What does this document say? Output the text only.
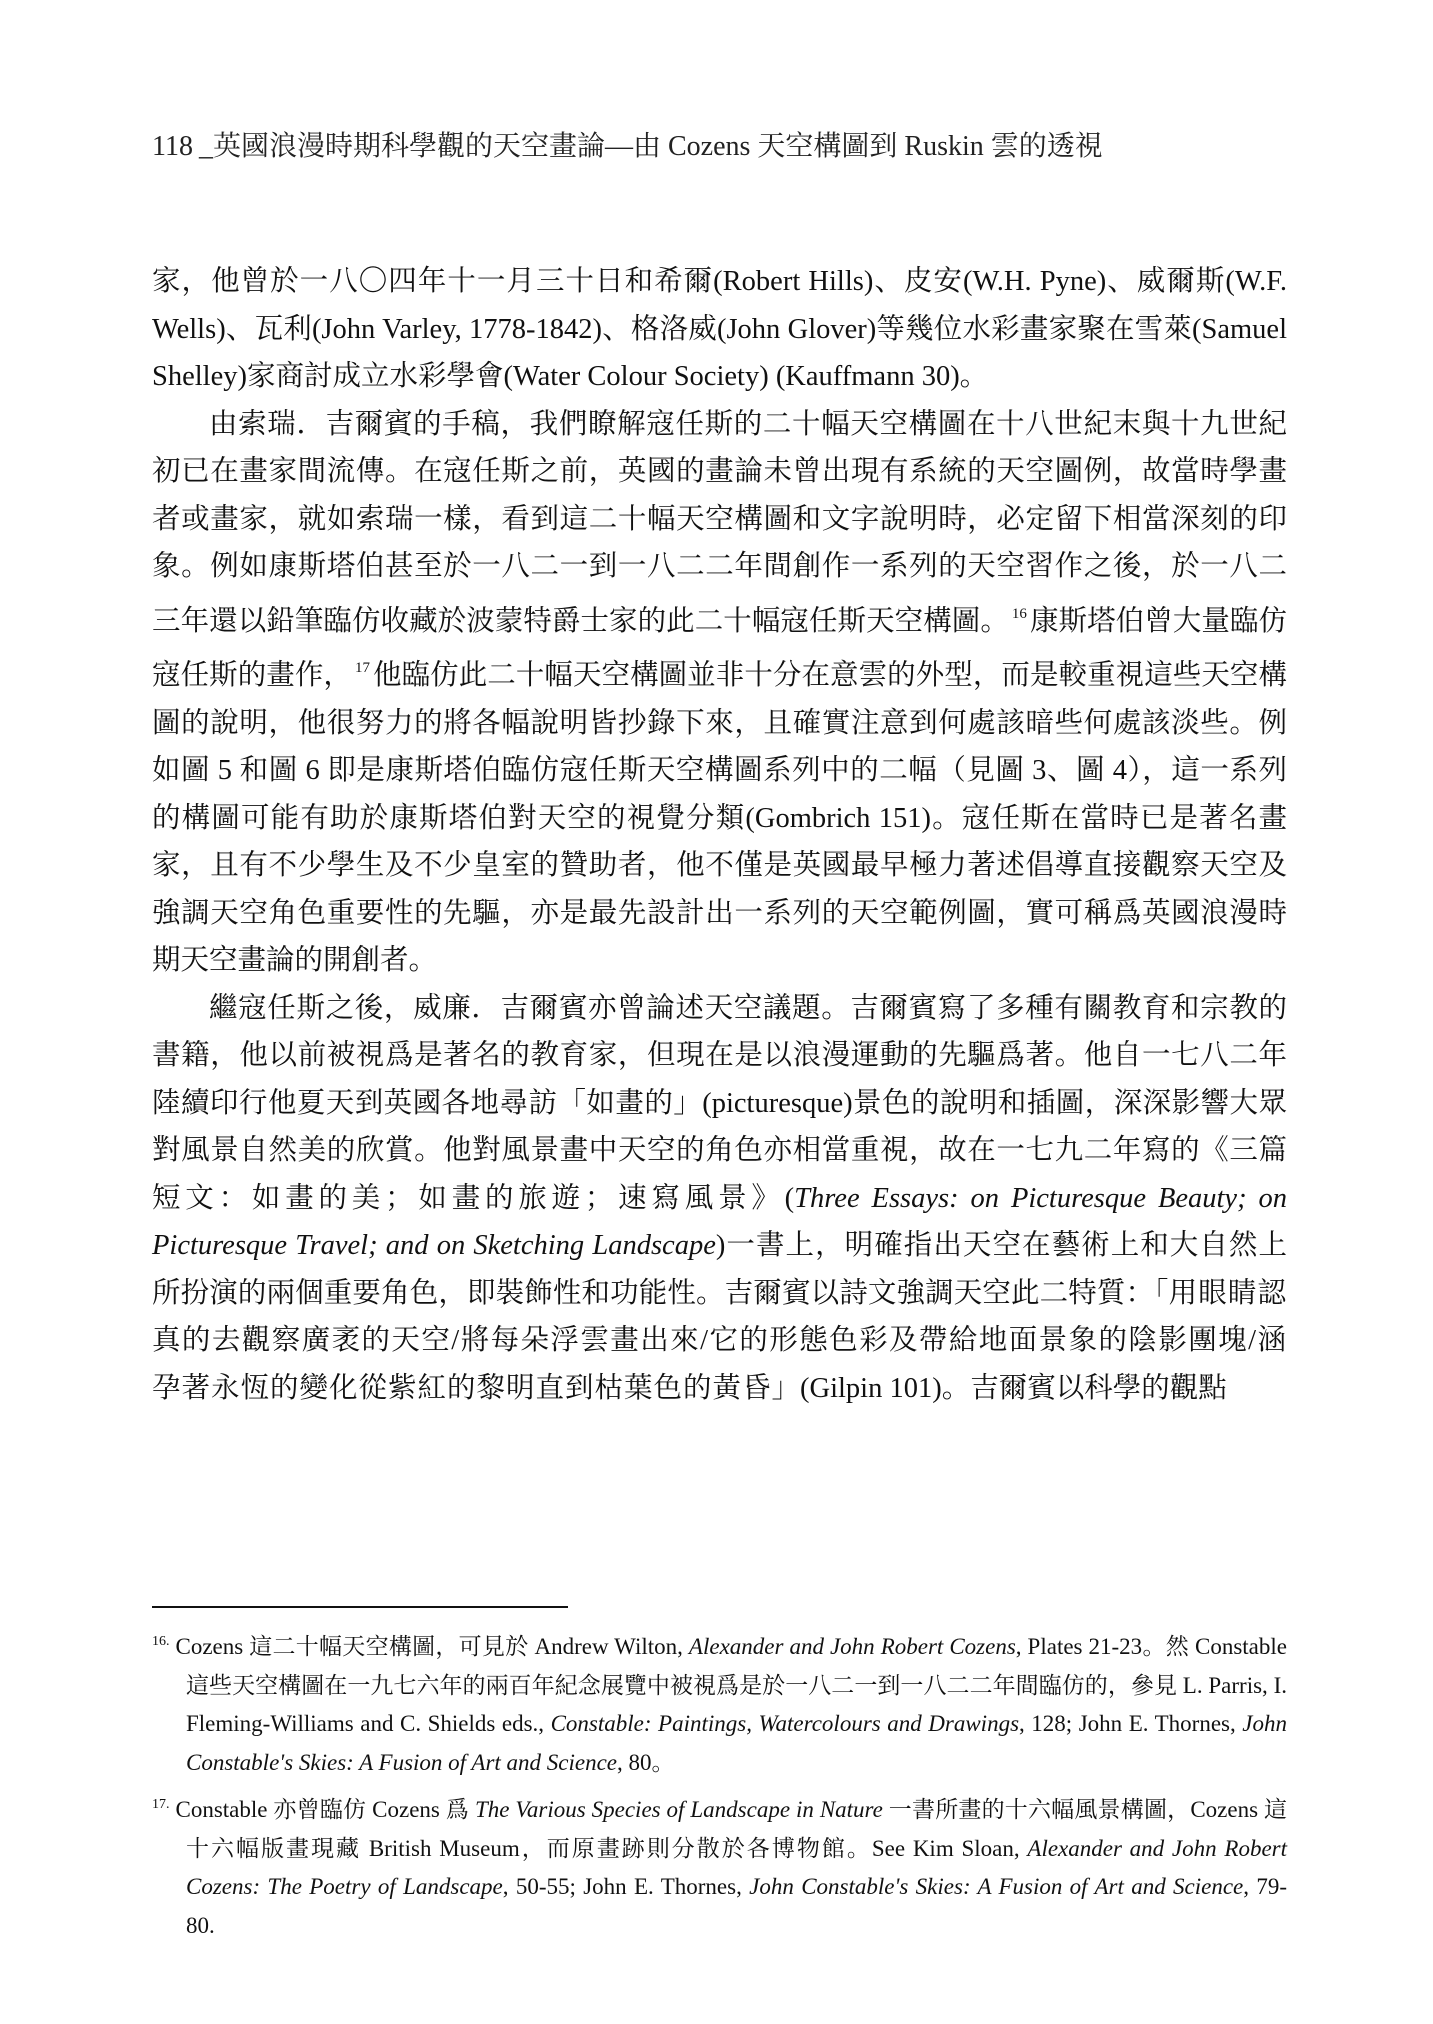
118 _英國浪漫時期科學觀的天空畫論—由 Cozens 天空構圖到 Ruskin 雲的透視

家，他曾於一八〇四年十一月三十日和希爾(Robert Hills)、皮安(W.H. Pyne)、威爾斯(W.F. Wells)、瓦利(John Varley, 1778-1842)、格洛威(John Glover)等幾位水彩畫家聚在雪萊(Samuel Shelley)家商討成立水彩學會(Water Colour Society) (Kauffmann 30)。

由索瑞．吉爾賓的手稿，我們瞭解寇任斯的二十幅天空構圖在十八世紀末與十九世紀初已在畫家間流傳。在寇任斯之前，英國的畫論未曾出現有系統的天空圖例，故當時學畫者或畫家，就如索瑞一樣，看到這二十幅天空構圖和文字說明時，必定留下相當深刻的印象。例如康斯塔伯甚至於一八二一到一八二二年間創作一系列的天空習作之後，於一八二三年還以鉛筆臨仿收藏於波蒙特爵士家的此二十幅寇任斯天空構圖。 $^{16}$ 康斯塔伯曾大量臨仿寇任斯的畫作， $^{17}$ 他臨仿此二十幅天空構圖並非十分在意雲的外型，而是較重視這些天空構圖的說明，他很努力的將各幅說明皆抄錄下來，且確實注意到何處該暗些何處該淡些。例如圖 5 和圖 6 即是康斯塔伯臨仿寇任斯天空構圖系列中的二幅（見圖 3、圖 4），這一系列的構圖可能有助於康斯塔伯對天空的視覺分類(Gombrich 151)。寇任斯在當時已是著名畫家，且有不少學生及不少皇室的贊助者，他不僅是英國最早極力著述倡導直接觀察天空及強調天空角色重要性的先驅，亦是最先設計出一系列的天空範例圖，實可稱爲英國浪漫時期天空畫論的開創者。

繼寇任斯之後，威廉．吉爾賓亦曾論述天空議題。吉爾賓寫了多種有關教育和宗教的書籍，他以前被視爲是著名的教育家，但現在是以浪漫運動的先驅爲著。他自一七八二年陸續印行他夏天到英國各地尋訪「如畫的」(picturesque)景色的說明和插圖，深深影響大眾對風景自然美的欣賞。他對風景畫中天空的角色亦相當重視，故在一七九二年寫的《三篇短文：如畫的美；如畫的旅遊；速寫風景》(Three Essays: on Picturesque Beauty; on Picturesque Travel; and on Sketching Landscape)一書上，明確指出天空在藝術上和大自然上所扮演的兩個重要角色，即裝飾性和功能性。吉爾賓以詩文強調天空此二特質：「用眼睛認真的去觀察廣袤的天空/將每朵浮雲畫出來/它的形態色彩及帶給地面景象的陰影團塊/涵孕著永恆的變化從紫紅的黎明直到枯葉色的黃昏」(Gilpin 101)。吉爾賓以科學的觀點

$^{16.}$ Cozens 這二十幅天空構圖，可見於 Andrew Wilton, Alexander and John Robert Cozens, Plates 21-23。然 Constable 這些天空構圖在一九七六年的兩百年紀念展覽中被視爲是於一八二一到一八二二年間臨仿的，參見 L. Parris, I. Fleming-Williams and C. Shields eds., Constable: Paintings, Watercolours and Drawings, 128; John E. Thornes, John Constable's Skies: A Fusion of Art and Science, 80。

$^{17.}$ Constable 亦曾臨仿 Cozens 爲 The Various Species of Landscape in Nature 一書所畫的十六幅風景構圖，Cozens 這十六幅版畫現藏 British Museum，而原畫跡則分散於各博物館。See Kim Sloan, Alexander and John Robert Cozens: The Poetry of Landscape, 50-55; John E. Thornes, John Constable's Skies: A Fusion of Art and Science, 79-80.
